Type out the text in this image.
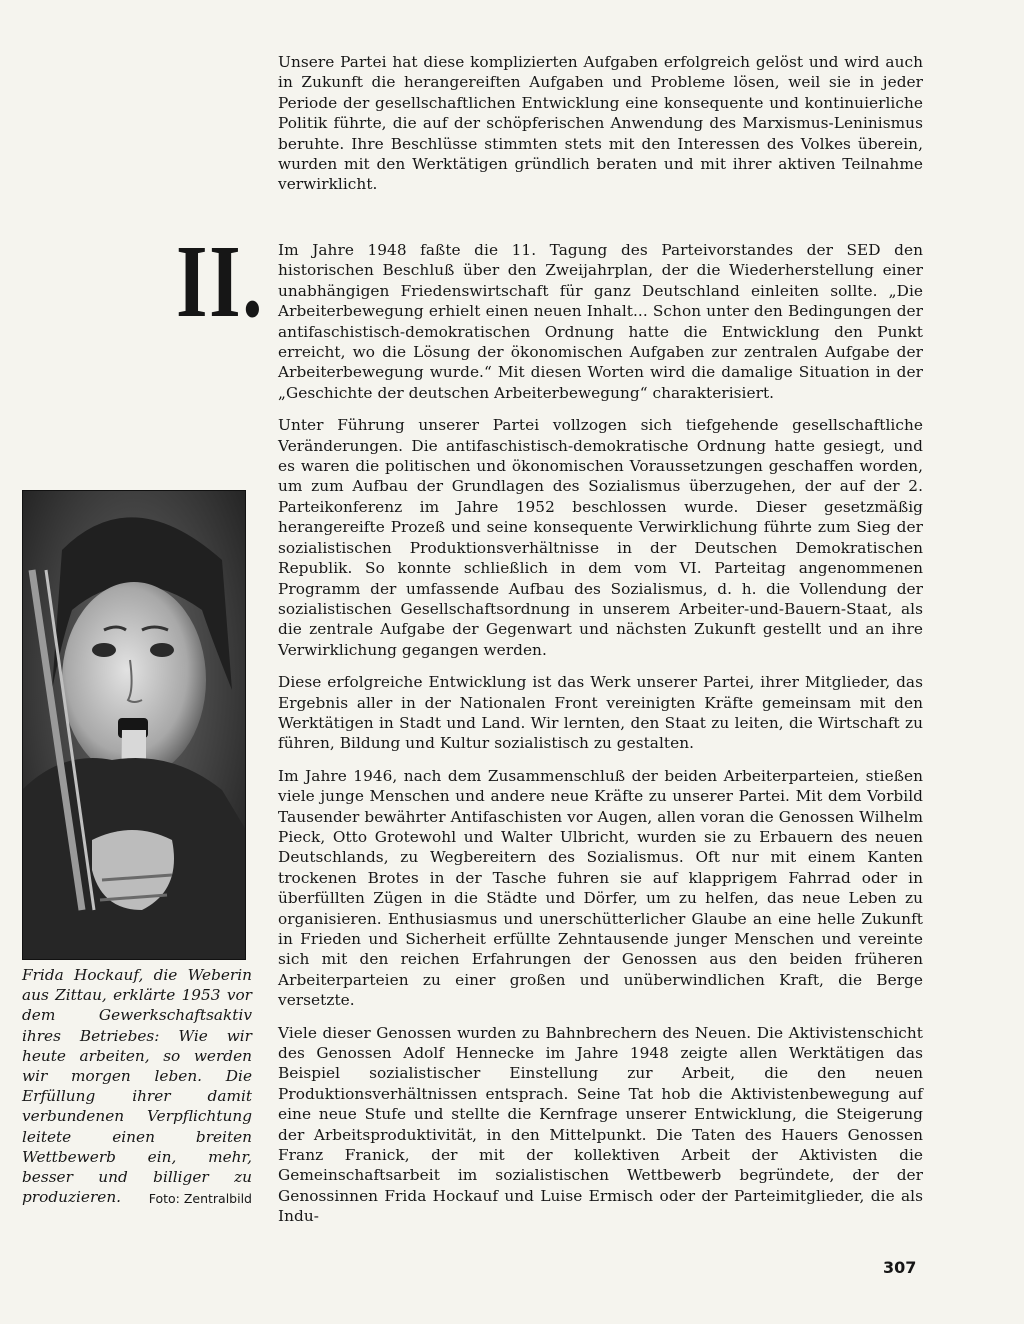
Unsere Partei hat diese komplizierten Aufgaben erfolgreich gelöst und wird auch in Zukunft die herangereiften Aufgaben und Probleme lösen, weil sie in jeder Periode der gesellschaftlichen Entwicklung eine konsequente und kontinuierliche Politik führte, die auf der schöpferischen Anwendung des Marxismus-Leninismus beruhte. Ihre Beschlüsse stimmten stets mit den Interessen des Volkes überein, wurden mit den Werktätigen gründlich beraten und mit ihrer aktiven Teilnahme verwirklicht.

II. Im Jahre 1948 faßte die 11. Tagung des Parteivorstandes der SED den historischen Beschluß über den Zweijahrplan, der die Wiederherstellung einer unabhängigen Friedenswirtschaft für ganz Deutschland einleiten sollte. „Die Arbeiterbewegung erhielt einen neuen Inhalt... Schon unter den Bedingungen der antifaschistisch-demokratischen Ordnung hatte die Entwicklung den Punkt erreicht, wo die Lösung der ökonomischen Aufgaben zur zentralen Aufgabe der Arbeiterbewegung wurde.“ Mit diesen Worten wird die damalige Situation in der „Geschichte der deutschen Arbeiterbewegung“ charakterisiert.

Unter Führung unserer Partei vollzogen sich tiefgehende gesellschaftliche Veränderungen. Die antifaschistisch-demokratische Ordnung hatte gesiegt, und es waren die politischen und ökonomischen Voraussetzungen geschaffen worden, um zum Aufbau der Grundlagen des Sozialismus überzugehen, der auf der 2. Parteikonferenz im Jahre 1952 beschlossen wurde. Dieser gesetzmäßig herangereifte Prozeß und seine konsequente Verwirklichung führte zum Sieg der sozialistischen Produktionsverhältnisse in der Deutschen Demokratischen Republik. So konnte schließlich in dem vom VI. Parteitag angenommenen Programm der umfassende Aufbau des Sozialismus, d. h. die Vollendung der sozialistischen Gesellschaftsordnung in unserem Arbeiter-und-Bauern-Staat, als die zentrale Aufgabe der Gegenwart und nächsten Zukunft gestellt und an ihre Verwirklichung gegangen werden.

Diese erfolgreiche Entwicklung ist das Werk unserer Partei, ihrer Mitglieder, das Ergebnis aller in der Nationalen Front vereinigten Kräfte gemeinsam mit den Werktätigen in Stadt und Land. Wir lernten, den Staat zu leiten, die Wirtschaft zu führen, Bildung und Kultur sozialistisch zu gestalten.

Im Jahre 1946, nach dem Zusammenschluß der beiden Arbeiterparteien, stießen viele junge Menschen und andere neue Kräfte zu unserer Partei. Mit dem Vorbild Tausender bewährter Antifaschisten vor Augen, allen voran die Genossen Wilhelm Pieck, Otto Grotewohl und Walter Ulbricht, wurden sie zu Erbauern des neuen Deutschlands, zu Wegbereitern des Sozialismus. Oft nur mit einem Kanten trockenen Brotes in der Tasche fuhren sie auf klapprigem Fahrrad oder in überfüllten Zügen in die Städte und Dörfer, um zu helfen, das neue Leben zu organisieren. Enthusiasmus und unerschütterlicher Glaube an eine helle Zukunft in Frieden und Sicherheit erfüllte Zehntausende junger Menschen und vereinte sich mit den reichen Erfahrungen der Genossen aus den beiden früheren Arbeiterparteien zu einer großen und unüberwindlichen Kraft, die Berge versetzte.

Viele dieser Genossen wurden zu Bahnbrechern des Neuen. Die Aktivistenschicht des Genossen Adolf Hennecke im Jahre 1948 zeigte allen Werktätigen das Beispiel sozialistischer Einstellung zur Arbeit, die den neuen Produktionsverhältnissen entsprach. Seine Tat hob die Aktivistenbewegung auf eine neue Stufe und stellte die Kernfrage unserer Entwicklung, die Steigerung der Arbeitsproduktivität, in den Mittelpunkt. Die Taten des Hauers Genossen Franz Franick, der mit der kollektiven Arbeit der Aktivisten die Gemeinschaftsarbeit im sozialistischen Wettbewerb begründete, der der Genossinnen Frida Hockauf und Luise Ermisch oder der Parteimitglieder, die als Indu-

Frida Hockauf, die Weberin aus Zittau, erklärte 1953 vor dem Gewerkschaftsaktiv ihres Betriebes: Wie wir heute arbeiten, so werden wir morgen leben. Die Erfüllung ihrer damit verbundenen Verpflichtung leitete einen breiten Wettbewerb ein, mehr, besser und billiger zu produzieren. Foto: Zentralbild
307
